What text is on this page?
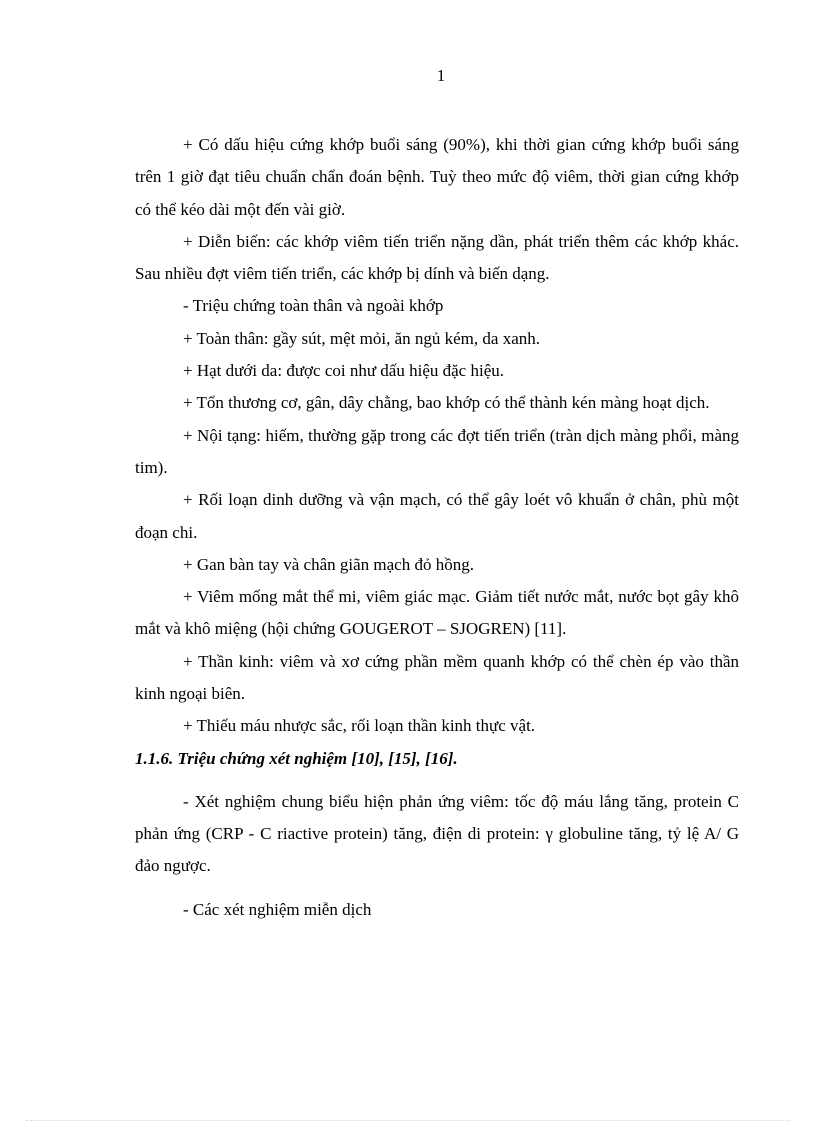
1

+ Có dấu hiệu cứng khớp buổi sáng (90%), khi thời gian cứng khớp buổi sáng trên 1 giờ đạt tiêu chuẩn chẩn đoán bệnh. Tuỳ theo mức độ viêm, thời gian cứng khớp có thể kéo dài một đến vài giờ.

+ Diễn biến: các khớp viêm tiến triển nặng dần, phát triển thêm các khớp khác. Sau nhiều đợt viêm tiến triển, các khớp bị dính và biến dạng.

- Triệu chứng toàn thân và ngoài khớp

+ Toàn thân: gầy sút, mệt mỏi, ăn ngủ kém, da xanh.

+ Hạt dưới da: được coi như dấu hiệu đặc hiệu.

+ Tổn thương cơ, gân, dây chằng, bao khớp có thể thành kén màng hoạt dịch.

+ Nội tạng: hiếm, thường gặp trong các đợt tiến triển (tràn dịch màng phổi, màng tim).

+ Rối loạn dinh dưỡng và vận mạch, có thể gây loét vô khuẩn ở chân, phù một đoạn chi.

+ Gan bàn tay và chân giãn mạch đỏ hồng.

+ Viêm mống mắt thể mi, viêm giác mạc. Giảm tiết nước mắt, nước bọt gây khô mắt và khô miệng (hội chứng GOUGEROT – SJOGREN) [11].

+ Thần kinh: viêm và xơ cứng phần mềm quanh khớp có thể chèn ép vào thần kinh ngoại biên.

+ Thiếu máu nhược sắc, rối loạn thần kinh thực vật.

1.1.6. Triệu chứng xét nghiệm [10], [15], [16].

- Xét nghiệm chung biểu hiện phản ứng viêm: tốc độ máu lắng tăng, protein C phản ứng (CRP - C riactive protein) tăng, điện di protein: γ globuline tăng, tỷ lệ A/ G đảo ngược.

- Các xét nghiệm miễn dịch
